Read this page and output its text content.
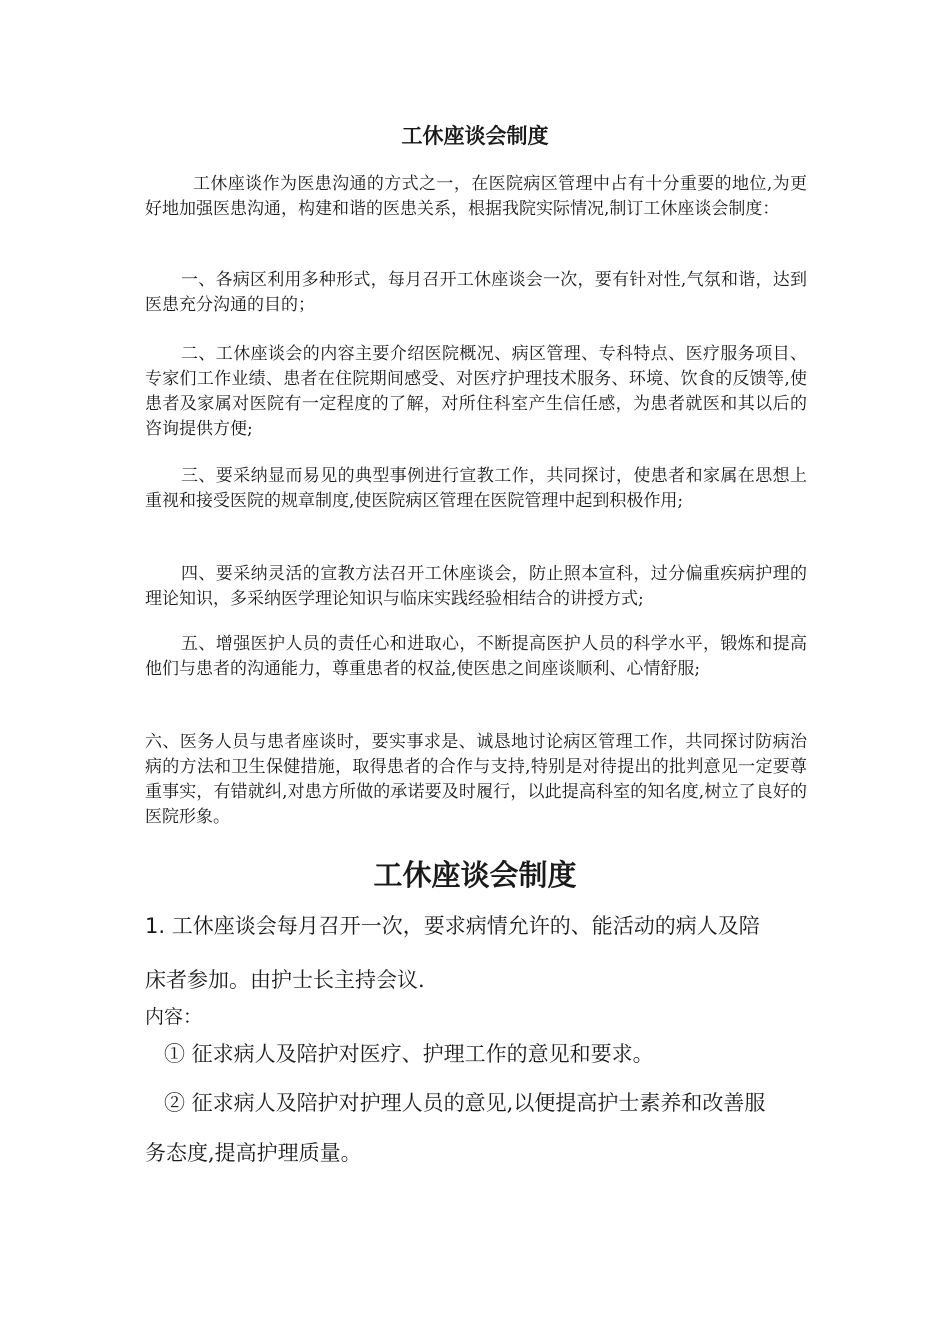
工休座谈会制度

工休座谈作为医患沟通的方式之一，在医院病区管理中占有十分重要的地位,为更好地加强医患沟通，构建和谐的医患关系，根据我院实际情况,制订工休座谈会制度：

一、各病区利用多种形式，每月召开工休座谈会一次，要有针对性,气氛和谐，达到医患充分沟通的目的；

二、工休座谈会的内容主要介绍医院概况、病区管理、专科特点、医疗服务项目、专家们工作业绩、患者在住院期间感受、对医疗护理技术服务、环境、饮食的反馈等,使患者及家属对医院有一定程度的了解，对所住科室产生信任感，为患者就医和其以后的咨询提供方便;

三、要采纳显而易见的典型事例进行宣教工作，共同探讨，使患者和家属在思想上重视和接受医院的规章制度,使医院病区管理在医院管理中起到积极作用;

四、要采纳灵活的宣教方法召开工休座谈会，防止照本宣科，过分偏重疾病护理的理论知识，多采纳医学理论知识与临床实践经验相结合的讲授方式;

五、增强医护人员的责任心和进取心，不断提高医护人员的科学水平，锻炼和提高他们与患者的沟通能力，尊重患者的权益,使医患之间座谈顺利、心情舒服;

六、医务人员与患者座谈时，要实事求是、诚恳地讨论病区管理工作，共同探讨防病治病的方法和卫生保健措施，取得患者的合作与支持,特别是对待提出的批判意见一定要尊重事实，有错就纠,对患方所做的承诺要及时履行，以此提高科室的知名度,树立了良好的医院形象。

工休座谈会制度

1. 工休座谈会每月召开一次，要求病情允许的、能活动的病人及陪

床者参加。由护士长主持会议.

内容：

① 征求病人及陪护对医疗、护理工作的意见和要求。

② 征求病人及陪护对护理人员的意见,以便提高护士素养和改善服

务态度,提高护理质量。
